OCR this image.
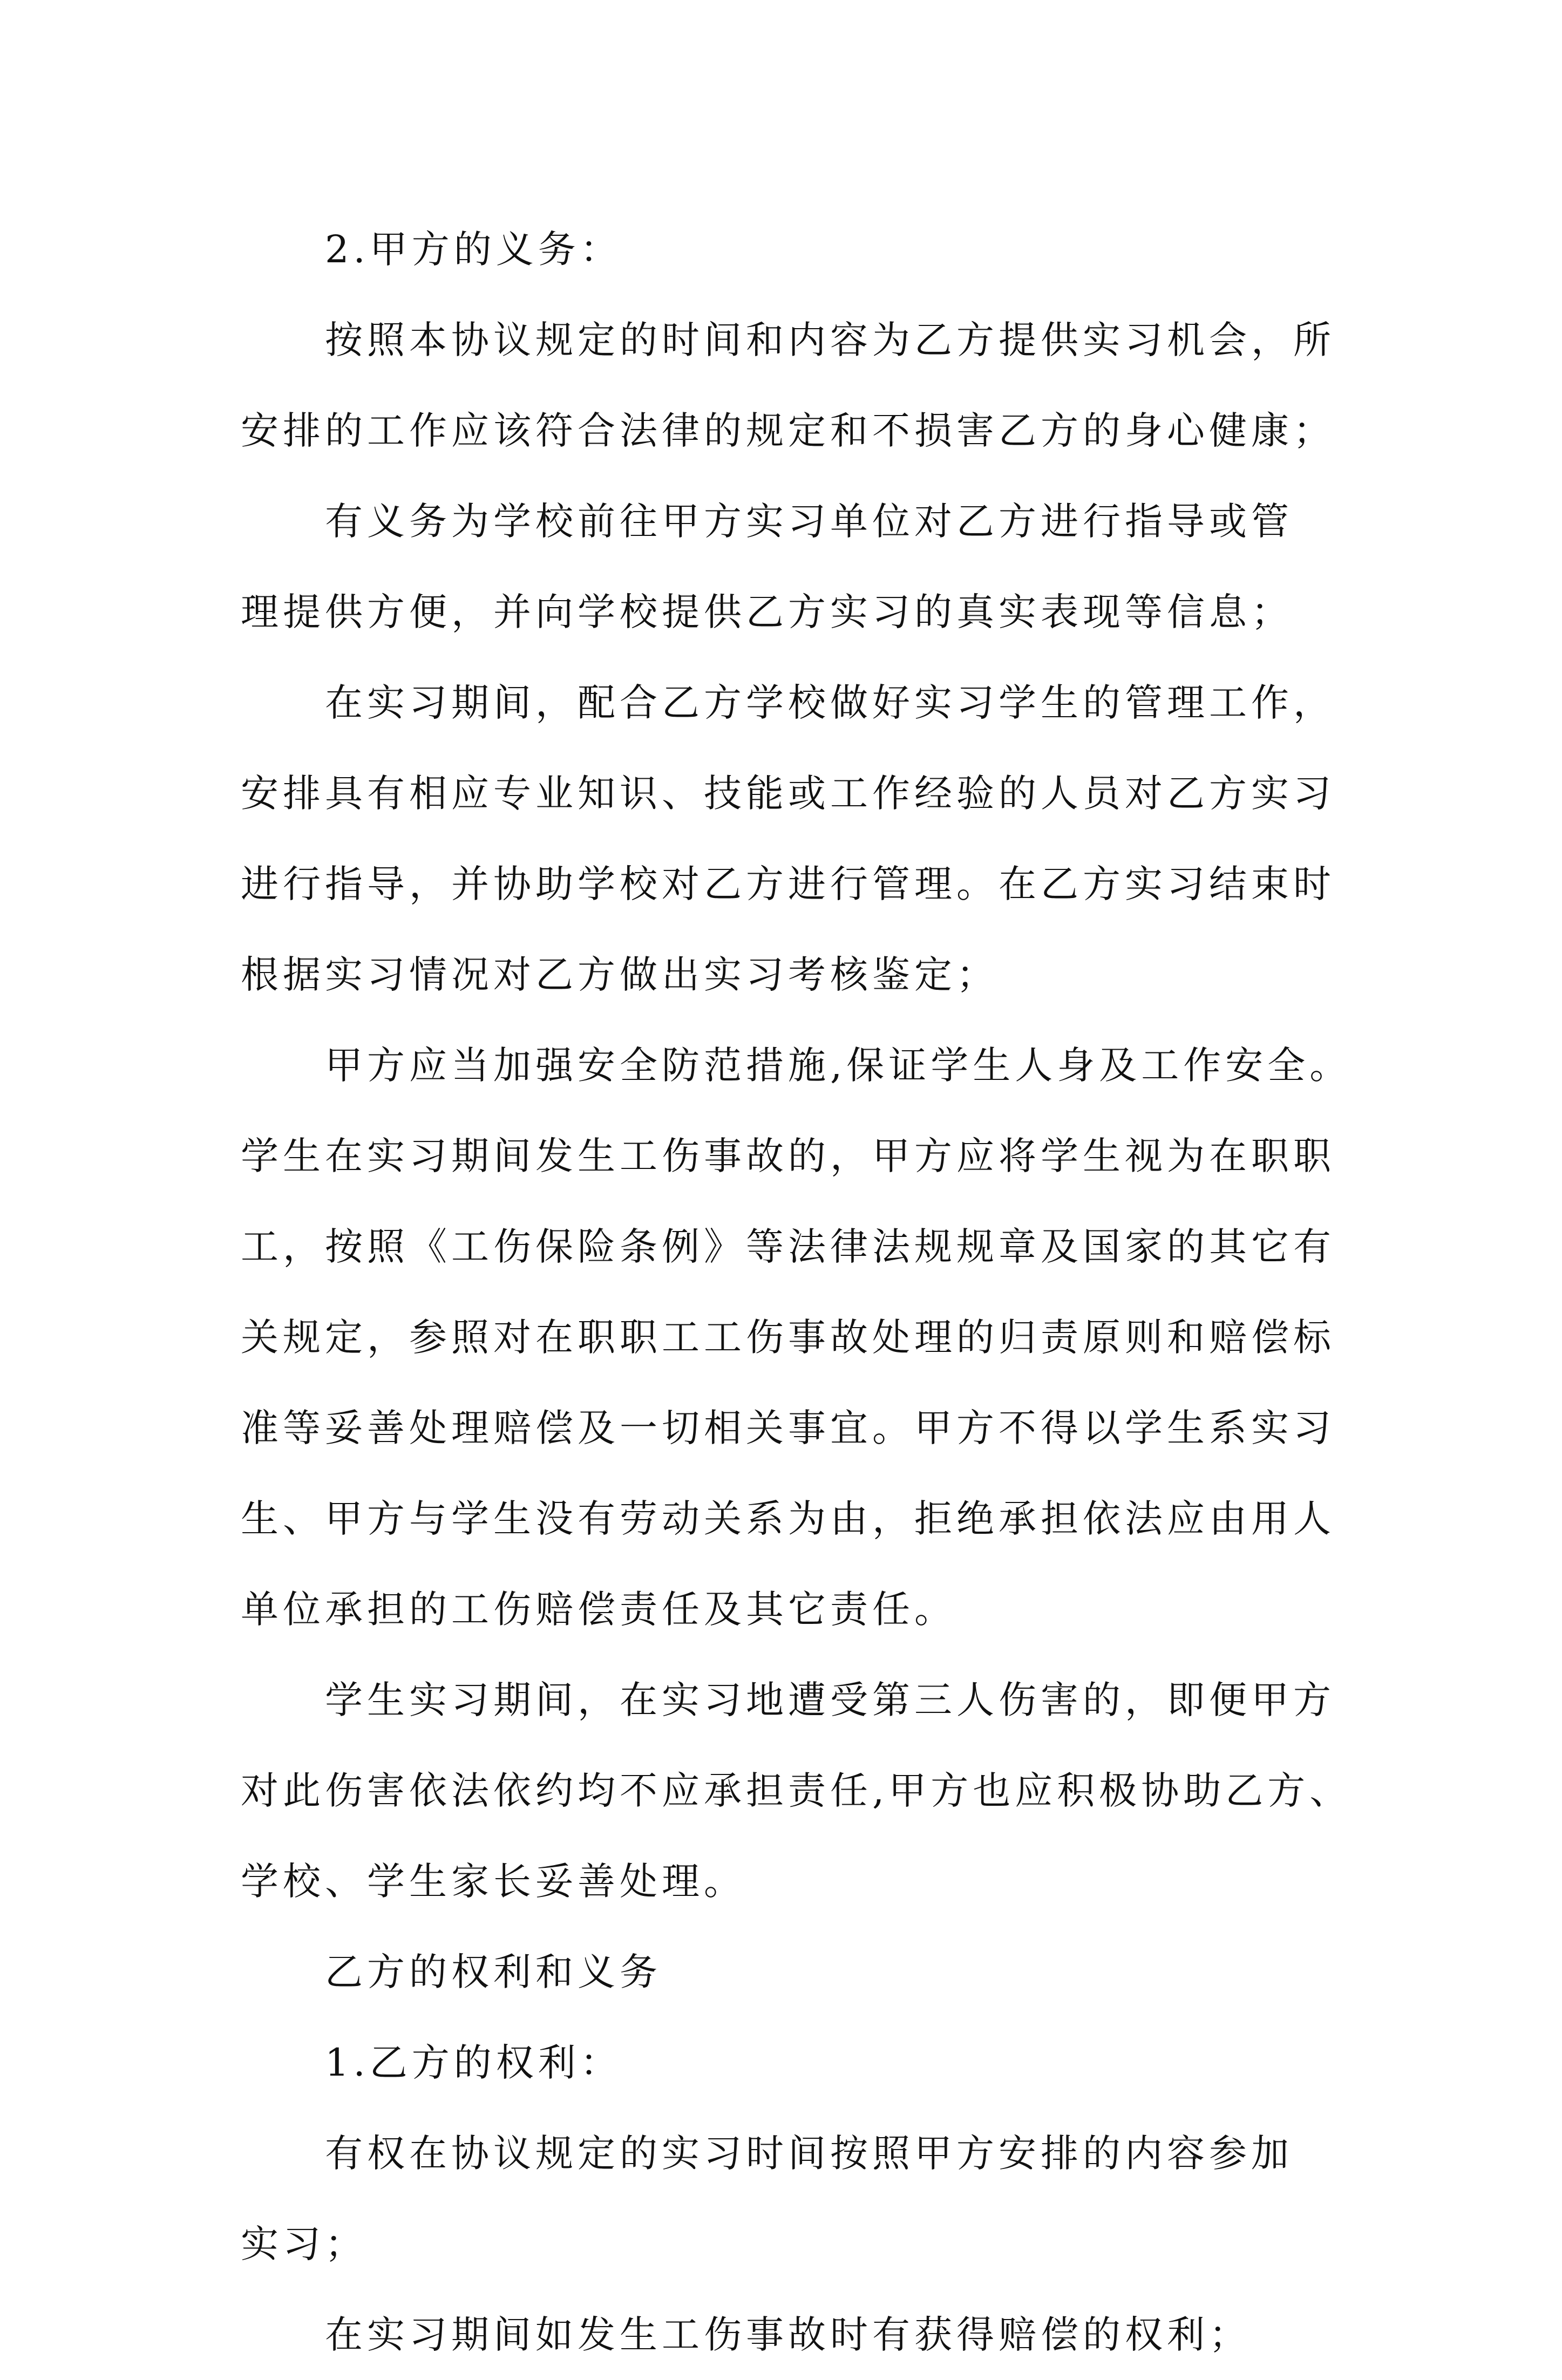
2.甲方的义务：
按照本协议规定的时间和内容为乙方提供实习机会，所
安排的工作应该符合法律的规定和不损害乙方的身心健康；
有义务为学校前往甲方实习单位对乙方进行指导或管
理提供方便，并向学校提供乙方实习的真实表现等信息；
在实习期间，配合乙方学校做好实习学生的管理工作，
安排具有相应专业知识、技能或工作经验的人员对乙方实习
进行指导，并协助学校对乙方进行管理。在乙方实习结束时
根据实习情况对乙方做出实习考核鉴定；
甲方应当加强安全防范措施,保证学生人身及工作安全。
学生在实习期间发生工伤事故的，甲方应将学生视为在职职
工，按照《工伤保险条例》等法律法规规章及国家的其它有
关规定，参照对在职职工工伤事故处理的归责原则和赔偿标
准等妥善处理赔偿及一切相关事宜。甲方不得以学生系实习
生、甲方与学生没有劳动关系为由，拒绝承担依法应由用人
单位承担的工伤赔偿责任及其它责任。
学生实习期间，在实习地遭受第三人伤害的，即便甲方
对此伤害依法依约均不应承担责任,甲方也应积极协助乙方、
学校、学生家长妥善处理。
乙方的权利和义务
1.乙方的权利：
有权在协议规定的实习时间按照甲方安排的内容参加
实习；
在实习期间如发生工伤事故时有获得赔偿的权利；
